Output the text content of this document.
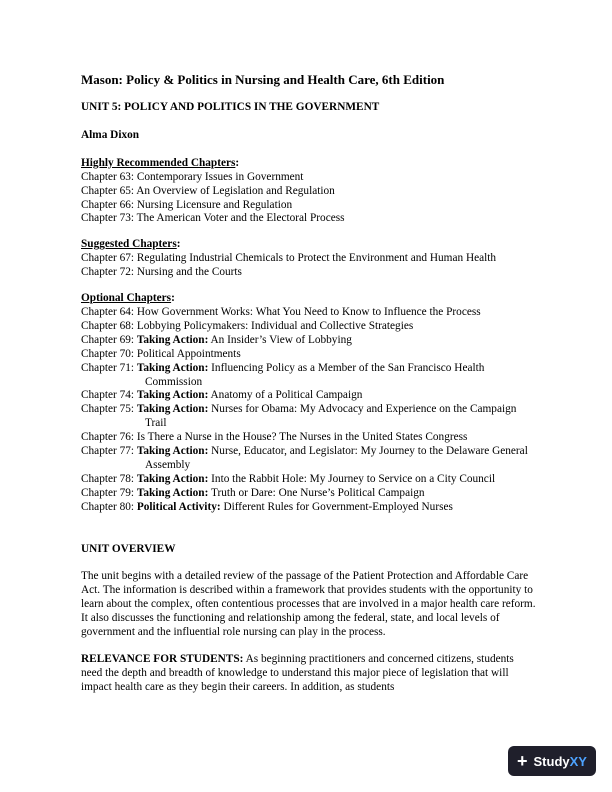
Mason: Policy & Politics in Nursing and Health Care, 6th Edition
UNIT 5: POLICY AND POLITICS IN THE GOVERNMENT
Alma Dixon
Highly Recommended Chapters:
Chapter 63: Contemporary Issues in Government
Chapter 65: An Overview of Legislation and Regulation
Chapter 66: Nursing Licensure and Regulation
Chapter 73: The American Voter and the Electoral Process
Suggested Chapters:
Chapter 67: Regulating Industrial Chemicals to Protect the Environment and Human Health
Chapter 72: Nursing and the Courts
Optional Chapters:
Chapter 64: How Government Works: What You Need to Know to Influence the Process
Chapter 68: Lobbying Policymakers: Individual and Collective Strategies
Chapter 69: Taking Action: An Insider’s View of Lobbying
Chapter 70: Political Appointments
Chapter 71: Taking Action: Influencing Policy as a Member of the San Francisco Health Commission
Chapter 74: Taking Action: Anatomy of a Political Campaign
Chapter 75: Taking Action: Nurses for Obama: My Advocacy and Experience on the Campaign Trail
Chapter 76: Is There a Nurse in the House? The Nurses in the United States Congress
Chapter 77: Taking Action: Nurse, Educator, and Legislator: My Journey to the Delaware General Assembly
Chapter 78: Taking Action: Into the Rabbit Hole: My Journey to Service on a City Council
Chapter 79: Taking Action: Truth or Dare: One Nurse’s Political Campaign
Chapter 80: Political Activity: Different Rules for Government-Employed Nurses
UNIT OVERVIEW
The unit begins with a detailed review of the passage of the Patient Protection and Affordable Care Act. The information is described within a framework that provides students with the opportunity to learn about the complex, often contentious processes that are involved in a major health care reform. It also discusses the functioning and relationship among the federal, state, and local levels of government and the influential role nursing can play in the process.
RELEVANCE FOR STUDENTS: As beginning practitioners and concerned citizens, students need the depth and breadth of knowledge to understand this major piece of legislation that will impact health care as they begin their careers. In addition, as students
+ Study XY
